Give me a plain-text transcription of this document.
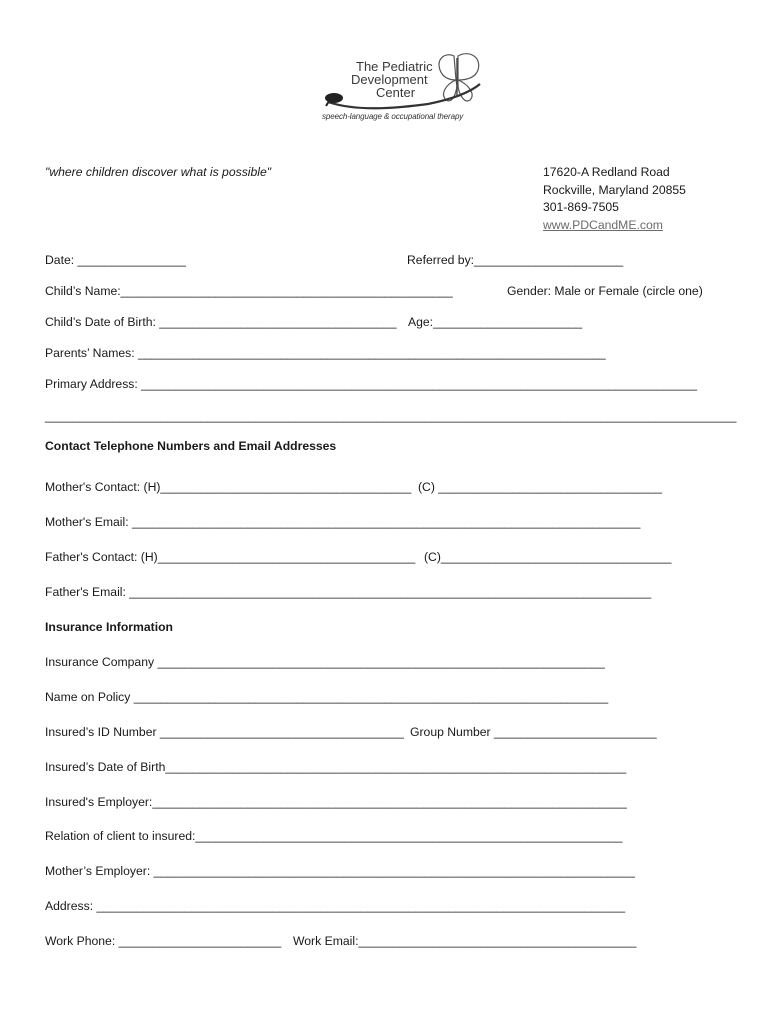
The Pediatric
Development
Center
speech-language & occupational therapy
"where children discover what is possible"	17620-A Redland Road
Rockville, Maryland 20855
301-869-7505
www.PDCandME.com
Date: ________________	Referred by:______________________
Child’s Name:_________________________________________________	Gender: Male or Female (circle one)
Child’s Date of Birth: ___________________________________ Age:______________________
Parents’ Names: _____________________________________________________________________
Primary Address: __________________________________________________________________________________
______________________________________________________________________________________________________
Contact Telephone Numbers and Email Addresses
Mother's Contact: (H)_____________________________________ (C) _________________________________
Mother's Email: ___________________________________________________________________________
Father's Contact: (H)______________________________________ (C)__________________________________
Father's Email: _____________________________________________________________________________
Insurance Information
Insurance Company __________________________________________________________________
Name on Policy ______________________________________________________________________
Insured’s ID Number ____________________________________ Group Number ________________________
Insured’s Date of Birth____________________________________________________________________
Insured's Employer:______________________________________________________________________
Relation of client to insured:_______________________________________________________________
Mother’s Employer: _______________________________________________________________________
Address: ______________________________________________________________________________
Work Phone: ________________________ Work Email:_________________________________________
